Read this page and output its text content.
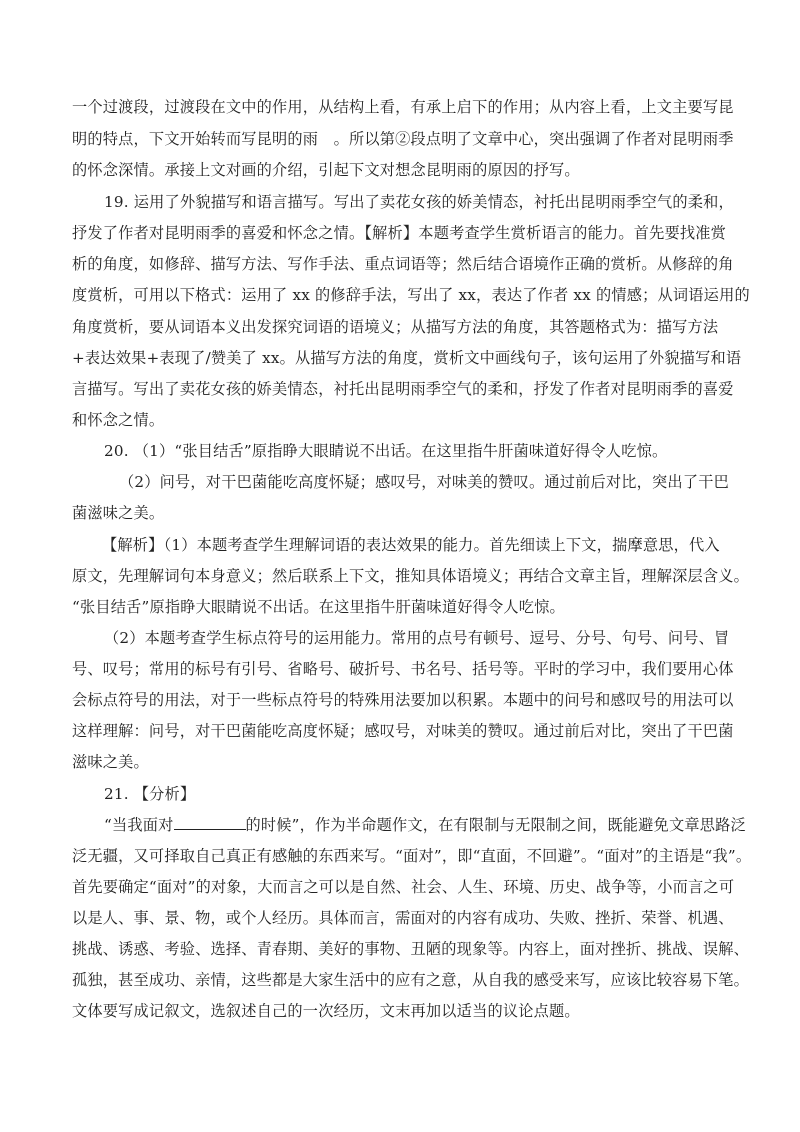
一个过渡段，过渡段在文中的作用，从结构上看，有承上启下的作用；从内容上看，上文主要写昆
明的特点，下文开始转而写昆明的雨　。所以第②段点明了文章中心，突出强调了作者对昆明雨季
的怀念深情。承接上文对画的介绍，引起下文对想念昆明雨的原因的抒写。
19. 运用了外貌描写和语言描写。写出了卖花女孩的娇美情态，衬托出昆明雨季空气的柔和，
抒发了作者对昆明雨季的喜爱和怀念之情。【解析】本题考查学生赏析语言的能力。首先要找准赏
析的角度，如修辞、描写方法、写作手法、重点词语等；然后结合语境作正确的赏析。从修辞的角
度赏析，可用以下格式：运用了 xx 的修辞手法，写出了 xx，表达了作者 xx 的情感；从词语运用的
角度赏析，要从词语本义出发探究词语的语境义；从描写方法的角度，其答题格式为：描写方法
+表达效果+表现了/赞美了 xx。从描写方法的角度，赏析文中画线句子，该句运用了外貌描写和语
言描写。写出了卖花女孩的娇美情态，衬托出昆明雨季空气的柔和，抒发了作者对昆明雨季的喜爱
和怀念之情。
20. （1）“张目结舌”原指睁大眼睛说不出话。在这里指牛肝菌味道好得令人吃惊。
（2）问号，对干巴菌能吃高度怀疑；感叹号，对味美的赞叹。通过前后对比，突出了干巴
菌滋味之美。
【解析】（1）本题考查学生理解词语的表达效果的能力。首先细读上下文，揣摩意思，代入
原文，先理解词句本身意义；然后联系上下文，推知具体语境义；再结合文章主旨，理解深层含义。
“张目结舌”原指睁大眼睛说不出话。在这里指牛肝菌味道好得令人吃惊。
（2）本题考查学生标点符号的运用能力。常用的点号有顿号、逗号、分号、句号、问号、冒
号、叹号；常用的标号有引号、省略号、破折号、书名号、括号等。平时的学习中，我们要用心体
会标点符号的用法，对于一些标点符号的特殊用法要加以积累。本题中的问号和感叹号的用法可以
这样理解：问号，对干巴菌能吃高度怀疑；感叹号，对味美的赞叹。通过前后对比，突出了干巴菌
滋味之美。
21. 【分析】
“当我面对	的时候”，作为半命题作文，在有限制与无限制之间，既能避免文章思路泛
泛无疆，又可择取自己真正有感触的东西来写。“面对”，即“直面，不回避”。“面对”的主语是“我”。
首先要确定“面对”的对象，大而言之可以是自然、社会、人生、环境、历史、战争等，小而言之可
以是人、事、景、物，或个人经历。具体而言，需面对的内容有成功、失败、挫折、荣誉、机遇、
挑战、诱惑、考验、选择、青春期、美好的事物、丑陋的现象等。内容上，面对挫折、挑战、误解、
孤独，甚至成功、亲情，这些都是大家生活中的应有之意，从自我的感受来写，应该比较容易下笔。
文体要写成记叙文，选叙述自己的一次经历，文末再加以适当的议论点题。
